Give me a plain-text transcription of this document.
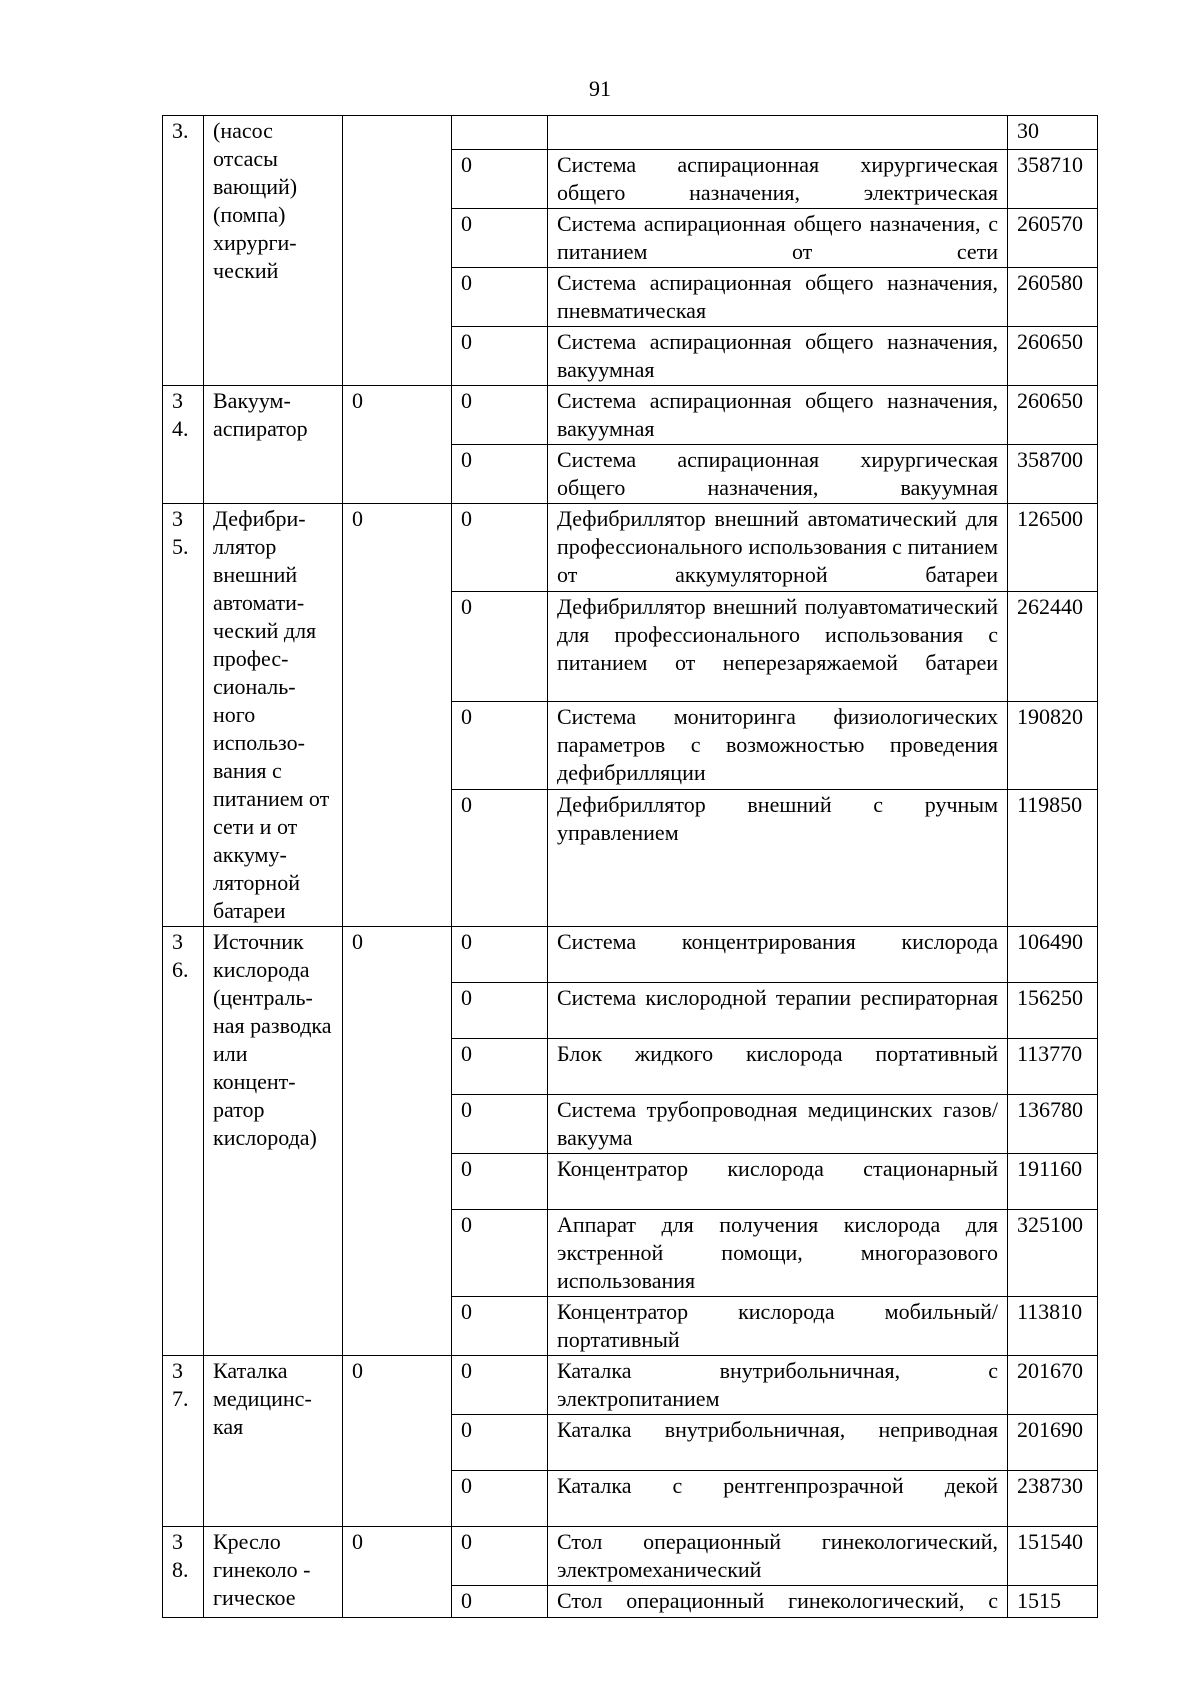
91
3.	(насос отсасы вающий) (помпа) хирурги- ческий				30
			0	Система аспирационная хирургическая общего назначения, электрическая	358710
			0	Система аспирационная общего назначения, с питанием от сети	260570
			0	Система аспирационная общего назначения, пневматическая	260580
			0	Система аспирационная общего назначения, вакуумная	260650
34.	Вакуум- аспиратор	0	0	Система аспирационная общего назначения, вакуумная	260650
			0	Система аспирационная хирургическая общего назначения, вакуумная	358700
35.	Дефибри- ллятор внешний автомати- ческий для профес- сиональ- ного использо- вания с питанием от сети и от аккуму- ляторной батареи	0	0	Дефибриллятор внешний автоматический для профессионального использования с питанием от аккумуляторной батареи	126500
			0	Дефибриллятор внешний полуавтоматический для профессионального использования с питанием от неперезаряжаемой батареи	262440
			0	Система мониторинга физиологических параметров с возможностью проведения дефибрилляции	190820
			0	Дефибриллятор внешний с ручным управлением	119850
36.	Источник кислорода (централь- ная разводка или концент- ратор кислорода)	0	0	Система концентрирования кислорода	106490
			0	Система кислородной терапии респираторная	156250
			0	Блок жидкого кислорода портативный	113770
			0	Система трубопроводная медицинских газов/вакуума	136780
			0	Концентратор кислорода стационарный	191160
			0	Аппарат для получения кислорода для экстренной помощи, многоразового использования	325100
			0	Концентратор кислорода мобильный/портативный	113810
37.	Каталка медицинс- кая	0	0	Каталка внутрибольничная, с электропитанием	201670
			0	Каталка внутрибольничная, неприводная	201690
			0	Каталка с рентгенпрозрачной декой	238730
38.	Кресло гинеколо - гическое	0	0	Стол операционный гинекологический, электромеханический	151540
			0	Стол операционный гинекологический, с	1515
